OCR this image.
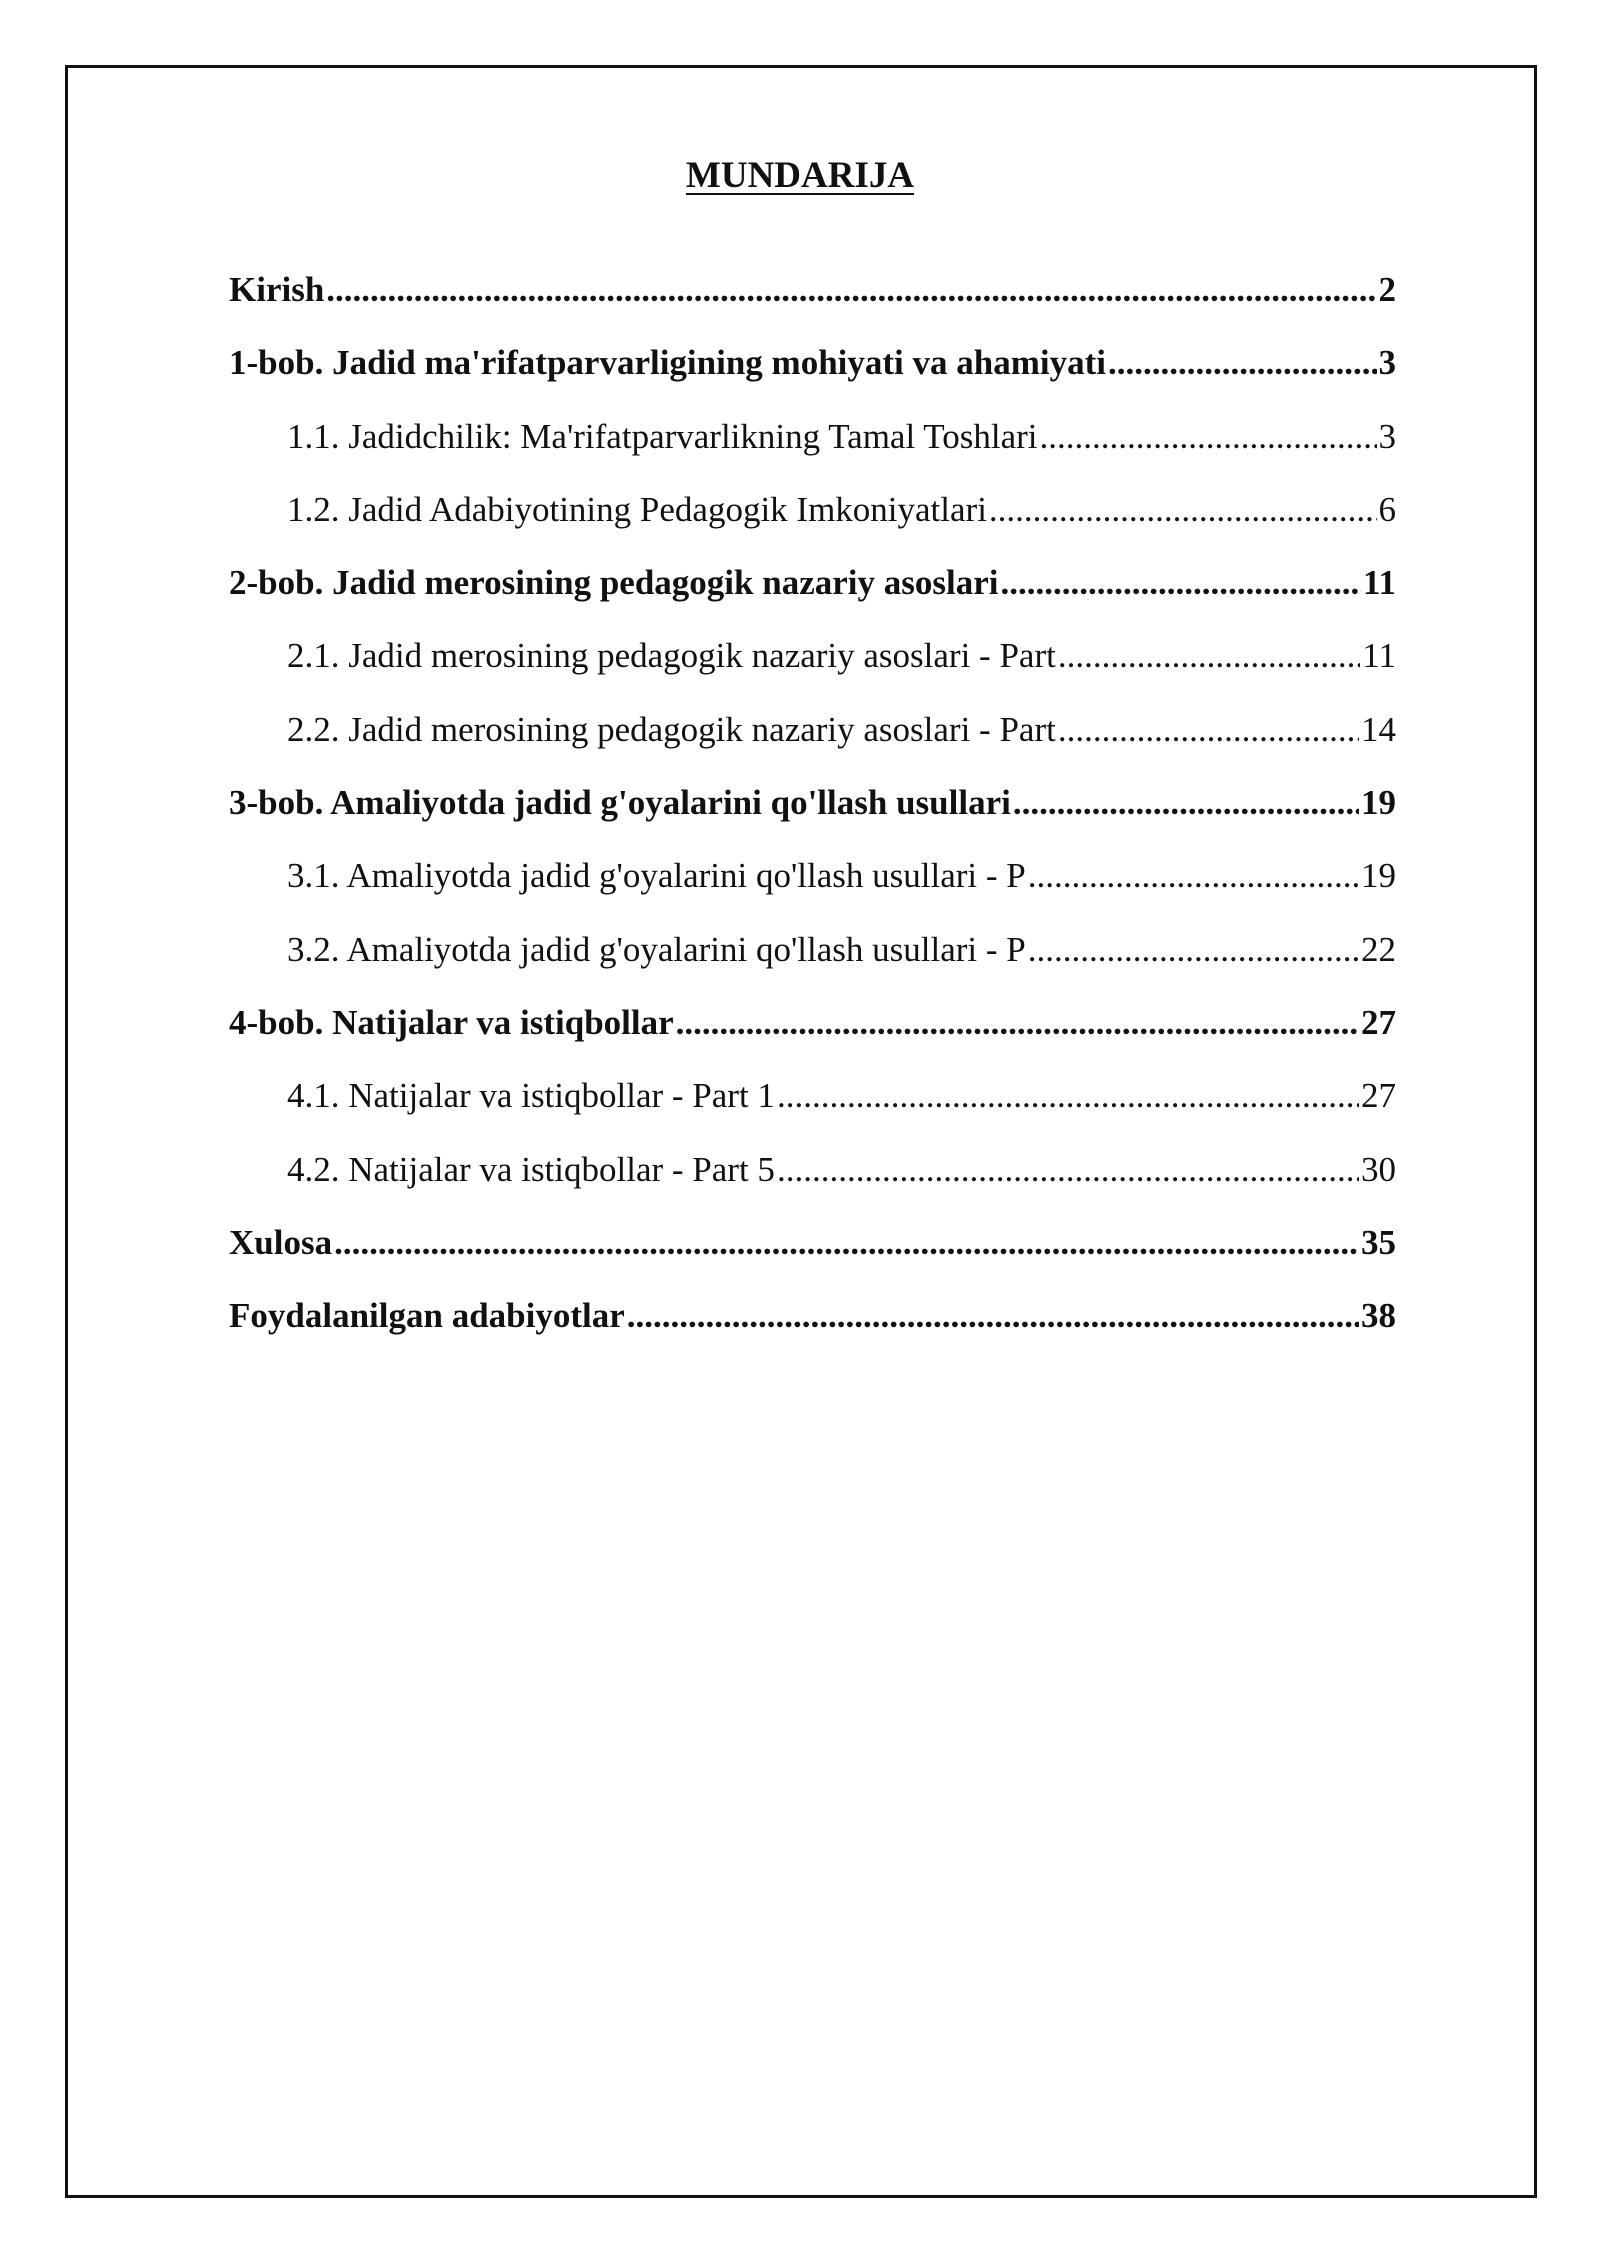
MUNDARIJA
Kirish .....	2
1-bob. Jadid ma'rifatparvarligining mohiyati va ahamiyati .....	3
1.1. Jadidchilik: Ma'rifatparvarlikning Tamal Toshlari .....	3
1.2. Jadid Adabiyotining Pedagogik Imkoniyatlari .....	6
2-bob. Jadid merosining pedagogik nazariy asoslari .....	11
2.1. Jadid merosining pedagogik nazariy asoslari - Part .....	11
2.2. Jadid merosining pedagogik nazariy asoslari - Part .....	14
3-bob. Amaliyotda jadid g'oyalarini qo'llash usullari .....	19
3.1. Amaliyotda jadid g'oyalarini qo'llash usullari - P .....	19
3.2. Amaliyotda jadid g'oyalarini qo'llash usullari - P .....	22
4-bob. Natijalar va istiqbollar .....	27
4.1. Natijalar va istiqbollar - Part 1 .....	27
4.2. Natijalar va istiqbollar - Part 5 .....	30
Xulosa .....	35
Foydalanilgan adabiyotlar .....	38
